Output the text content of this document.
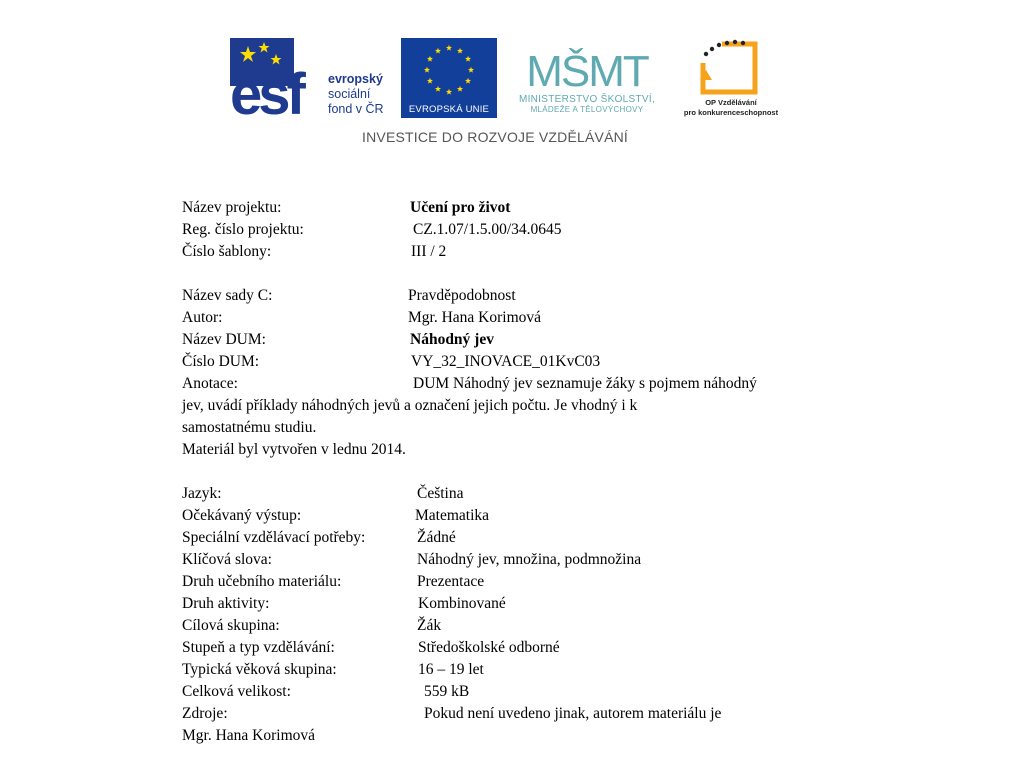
esf	evropský
sociální
fond v ČR	EVROPSKÁ UNIE
MŠMT
MINISTERSTVO ŠKOLSTVÍ,
MLÁDEŽE A TĚLOVÝCHOVY
OP Vzdělávání
pro konkurenceschopnost
INVESTICE DO ROZVOJE VZDĚLÁVÁNÍ
Název projektu:	Učení pro život
Reg. číslo projektu:	CZ.1.07/1.5.00/34.0645
Číslo šablony:	III / 2
Název sady C:	Pravděpodobnost
Autor:	Mgr. Hana Korimová
Název DUM:	Náhodný jev
Číslo DUM:	VY_32_INOVACE_01KvC03
Anotace:	DUM Náhodný jev seznamuje žáky s pojmem náhodný
jev, uvádí příklady náhodných jevů a označení jejich počtu. Je vhodný i k
samostatnému studiu.
Materiál byl vytvořen v lednu 2014.
Jazyk:	Čeština
Očekávaný výstup:	Matematika
Speciální vzdělávací potřeby:	Žádné
Klíčová slova:	Náhodný jev, množina, podmnožina
Druh učebního materiálu:	Prezentace
Druh aktivity:	Kombinované
Cílová skupina:	Žák
Stupeň a typ vzdělávání:	Středoškolské odborné
Typická věková skupina:	16 – 19 let
Celková velikost:	559 kB
Zdroje:	Pokud není uvedeno jinak, autorem materiálu je
Mgr. Hana Korimová
